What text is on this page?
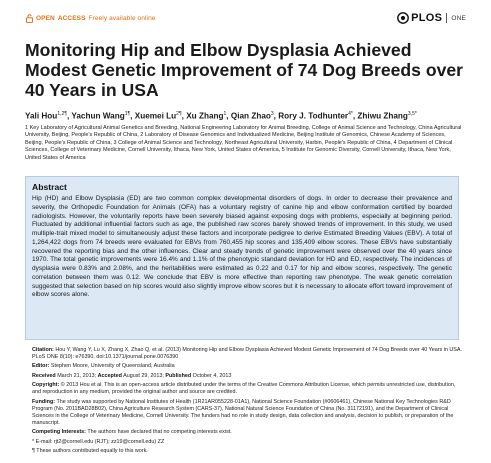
OPEN ACCESS Freely available online	PLOS ONE
Monitoring Hip and Elbow Dysplasia Achieved Modest Genetic Improvement of 74 Dog Breeds over 40 Years in USA
Yali Hou$^{1,2\P}$, Yachun Wang$^{1\P}$, Xuemei $Lu^{2\P}$, Xu Zhang$^1$, Qian Zhao$^3$, Rory J. Todhunter$^{4*}$, Zhiwu Zhang$^{3,5*}$

1 Key Laboratory of Agricultural Animal Genetics and Breeding, National Engineering Laboratory for Animal Breeding, College of Animal Science and Technology, China Agricultural University, Beijing, People's Republic of China, 2 Laboratory of Disease Genomics and Individualized Medicine, Beijing Institute of Genomics, Chinese Academy of Sciences, Beijing, People's Republic of China, 3 College of Animal Science and Technology, Northeast Agricultural University, Harbin, People's Republic of China, 4 Department of Clinical Sciences, College of Veterinary Medicine, Cornell University, Ithaca, New York, United States of America, 5 Institute for Genomic Diversity, Cornell University, Ithaca, New York, United States of America

Abstract

Hip (HD) and Elbow Dysplasia (ED) are two common complex developmental disorders of dogs. In order to decrease their prevalence and severity, the Orthopedic Foundation for Animals (OFA) has a voluntary registry of canine hip and elbow conformation certified by boarded radiologists. However, the voluntarily reports have been severely biased against exposing dogs with problems, especially at beginning period. Fluctuated by additional influential factors such as age, the published raw scores barely showed trends of improvement. In this study, we used multiple-trait mixed model to simultaneously adjust these factors and incorporate pedigree to derive Estimated Breeding Values (EBV). A total of 1,264,422 dogs from 74 breeds were evaluated for EBVs from 760,455 hip scores and 135,409 elbow scores. These EBVs have substantially recovered the reporting bias and the other influences. Clear and steady trends of genetic improvement were observed over the 40 years since 1970. The total genetic improvements were 16.4% and 1.1% of the phenotypic standard deviation for HD and ED, respectively. The incidences of dysplasia were 0.83% and 2.08%, and the heritabilities were estimated as 0.22 and 0.17 for hip and elbow scores, respectively. The genetic correlation between them was 0.12. We conclude that EBV is more effective than reporting raw phenotype. The weak genetic correlation suggested that selection based on hip scores would also slightly improve elbow scores but it is necessary to allocate effort toward improvement of elbow scores alone.

Citation: Hou Y, Wang Y, Lu X, Zhang X, Zhao Q, et al. (2013) Monitoring Hip and Elbow Dysplasia Achieved Modest Genetic Improvement of 74 Dog Breeds over 40 Years in USA. PLoS ONE 8(10): e76390. doi:10.1371/journal.pone.0076390

Editor: Stephen Moore, University of Queensland, Australia

Received March 21, 2013; Accepted August 29, 2013; Published October 4, 2013

Copyright: © 2013 Hou et al. This is an open-access article distributed under the terms of the Creative Commons Attribution License, which permits unrestricted use, distribution, and reproduction in any medium, provided the original author and source are credited.

Funding: The study was supported by National Institutes of Health (1R21AR055228-01A1), National Science Foundation (#0606461), Chinese National Key Technologies R&D Program (No. 2011BAD28B02), China Agriculture Research System (CARS-37), National Natural Science Foundation of China (No. 31172191), and the Department of Clinical Sciences in the College of Veterinary Medicine, Cornell University. The funders had no role in study design, data collection and analysis, decision to publish, or preparation of the manuscript.

Competing Interests: The authors have declared that no competing interests exist.

* E-mail: rjt2@cornell.edu (RJT); zz19@cornell.edu) ZZ

¶ These authors contributed equally to this work.
